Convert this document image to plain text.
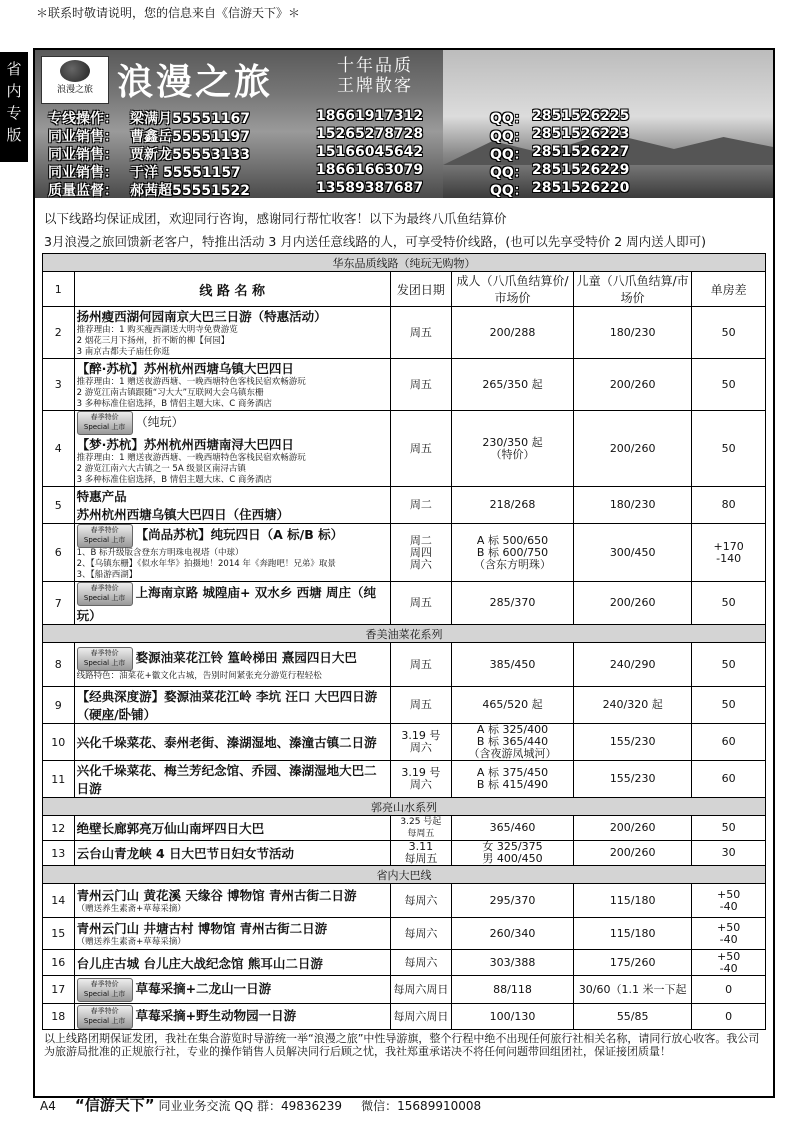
＊联系时敬请说明，您的信息来自《信游天下》＊
省内专版
浪漫之旅 浪漫之旅	十年品质
王牌散客
专线操作： 梁满月55551167	18661917312	QQ： 2851526225
同业销售： 曹鑫岳55551197	15265278728	QQ： 2851526223
同业销售： 贾新龙55553133	15166045642	QQ： 2851526227
同业销售： 于洋 55551157	18661663079	QQ： 2851526229
质量监督： 郝茜超55551522	13589387687	QQ： 2851526220
以下线路均保证成团，欢迎同行咨询，感谢同行帮忙收客！以下为最终八爪鱼结算价
3月浪漫之旅回馈新老客户，特推出活动 3 月内送任意线路的人，可享受特价线路，(也可以先享受特价 2 周内送人即可)
华东品质线路（纯玩无购物）					
1	线 路 名 称	发团日期	成人（八爪鱼结算价/市场价	儿童（八爪鱼结算/市场价	单房差
2	扬州瘦西湖何园南京大巴三日游（特惠活动）
推荐理由：1 购买瘦西湖送大明寺免费游览
2 烟花三月下扬州，折不断的柳【何园】
3 南京古都夫子庙任你逛	周五	200/288	180/230	50
3	【醉·苏杭】苏州杭州西塘乌镇大巴四日
推荐理由：1 赠送夜游西塘、一晚西塘特色客栈民宿欢畅游玩
2 游览江南古镇跟随“习大大”互联网大会乌镇东栅
3 多种标准住宿选择，B 情侣主题大床、C 商务酒店	周五	265/350 起	200/260	50
4	春季特价 Special 上市 （纯玩）
【梦·苏杭】苏州杭州西塘南浔大巴四日
推荐理由：1 赠送夜游西塘、一晚西塘特色客栈民宿欢畅游玩
2 游览江南六大古镇之一 5A 级景区南浔古镇
3 多种标准住宿选择，B 情侣主题大床、C 商务酒店	周五	230/350 起
（特价）	200/260	50
5	特惠产品
苏州杭州西塘乌镇大巴四日（住西塘）	周二	218/268	180/230	80
6	春季特价 Special 上市 【尚品苏杭】纯玩四日（A 标/B 标）
1、B 标升级版含登东方明珠电视塔（中球）
2、【乌镇东栅】《似水年华》拍摄地！2014 年《奔跑吧！兄弟》取景
3、【船游西湖】	周二
周四
周六	A 标 500/650
B 标 600/750
（含东方明珠）	300/450	+170
-140
7	春季特价 Special 上市 上海南京路 城隍庙+ 双水乡 西塘 周庄（纯玩）	周五	285/370	200/260	50
香美油菜花系列					
8	春季特价 Special 上市 婺源油菜花江铃 篁岭梯田 熹园四日大巴
线路特色：油菜花+徽文化古城，告别时间紧张充分游览行程轻松	周五	385/450	240/290	50
9	【经典深度游】婺源油菜花江岭 李坑 汪口 大巴四日游（硬座/卧铺）	周五	465/520 起	240/320 起	50
10	兴化千垛菜花、泰州老街、溱湖湿地、溱潼古镇二日游	3.19 号
周六	A 标 325/400
B 标 365/440
（含夜游凤城河）	155/230	60
11	兴化千垛菜花、梅兰芳纪念馆、乔园、溱湖湿地大巴二日游	3.19 号
周六	A 标 375/450
B 标 415/490	155/230	60
郭亮山水系列					
12	绝壁长廊郭亮万仙山南坪四日大巴	3.25 号起
每周五	365/460	200/260	50
13	云台山青龙峡 4 日大巴节日妇女节活动	3.11
每周五	女 325/375
男 400/450	200/260	30
省内大巴线					
14	青州云门山 黄花溪 天缘谷 博物馆 青州古街二日游
（赠送养生素斋+草莓采摘）	每周六	295/370	115/180	+50
-40
15	青州云门山 井塘古村 博物馆 青州古街二日游
（赠送养生素斋+草莓采摘）	每周六	260/340	115/180	+50
-40
16	台儿庄古城 台儿庄大战纪念馆 熊耳山二日游	每周六	303/388	175/260	+50
-40
17	春季特价 Special 上市 草莓采摘+二龙山一日游	每周六周日	88/118	30/60（1.1 米一下起	0
18	春季特价 Special 上市 草莓采摘+野生动物园一日游	每周六周日	100/130	55/85	0
以上线路团期保证发团，我社在集合游览时导游统一举“浪漫之旅”中性导游旗，整个行程中绝不出现任何旅行社相关名称，请同行放心收客。我公司为旅游局批准的正规旅行社，专业的操作销售人员解决同行后顾之忧，我社郑重承诺决不将任何问题带回组团社，保证接团质量！
A4 “信游天下” 同业业务交流 QQ 群：49836239 微信：15689910008
